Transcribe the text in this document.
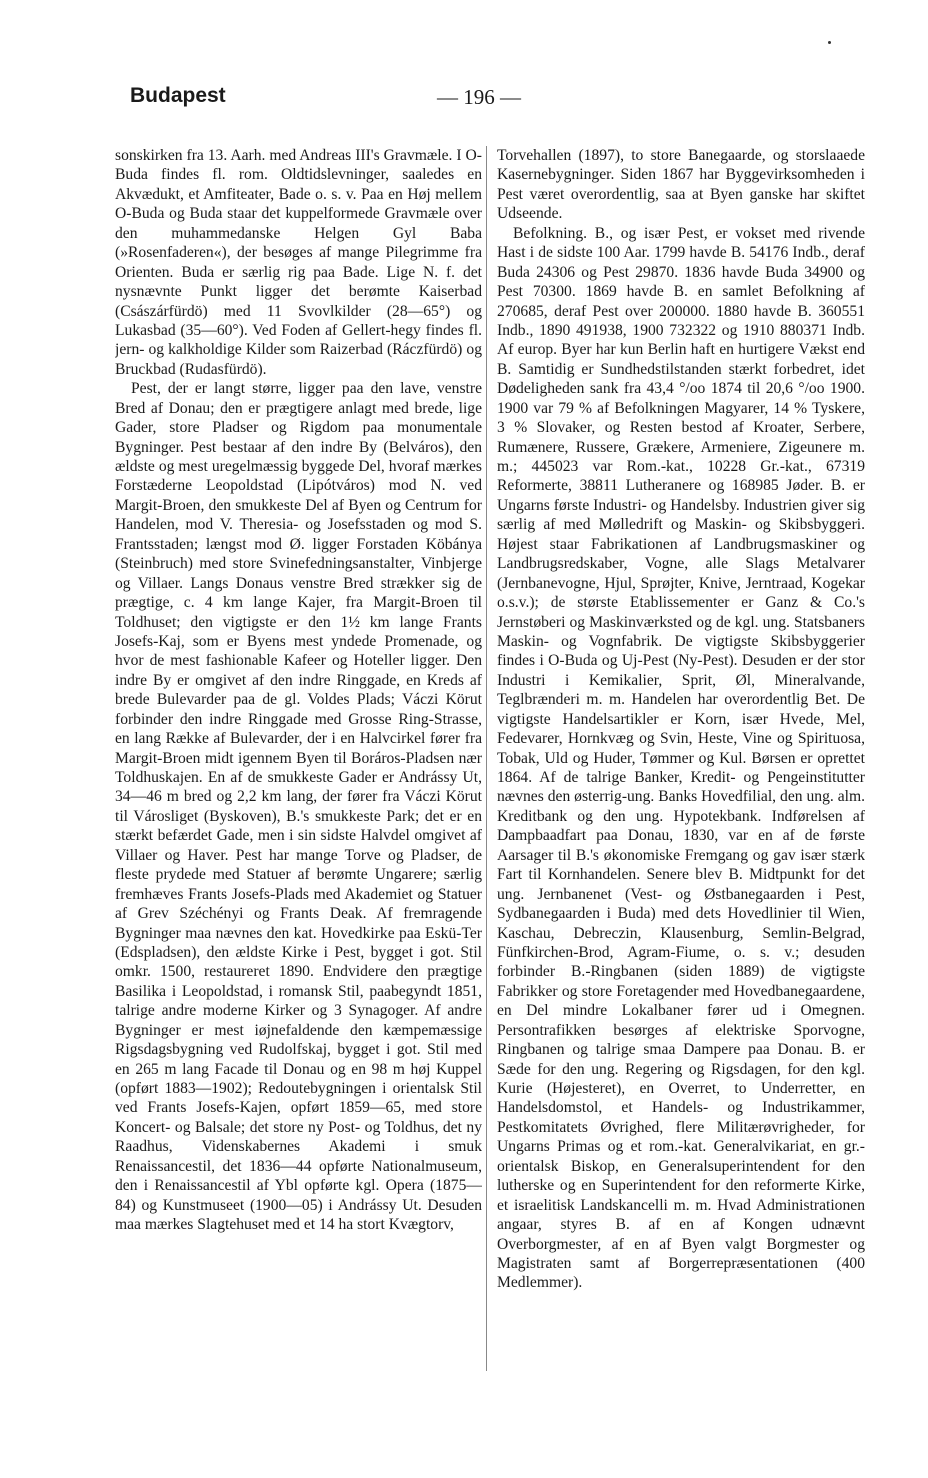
Budapest	— 196 —

sonskirken fra 13. Aarh. med Andreas III's Gravmæle. I O-Buda findes fl. rom. Oldtidslevninger, saaledes en Akvædukt, et Amfiteater, Bade o. s. v. Paa en Høj mellem O-Buda og Buda staar det kuppelformede Gravmæle over den muhammedanske Helgen Gyl Baba (»Rosenfaderen«), der besøges af mange Pilegrimme fra Orienten. Buda er særlig rig paa Bade. Lige N. f. det nysnævnte Punkt ligger det berømte Kaiserbad (Császárfürdö) med 11 Svovlkilder (28—65°) og Lukasbad (35—60°). Ved Foden af Gellert-hegy findes fl. jern- og kalkholdige Kilder som Raizerbad (Ráczfürdö) og Bruckbad (Rudasfürdö).

Pest, der er langt større, ligger paa den lave, venstre Bred af Donau; den er prægtigere anlagt med brede, lige Gader, store Pladser og Rigdom paa monumentale Bygninger. Pest bestaar af den indre By (Belváros), den ældste og mest uregelmæssig byggede Del, hvoraf mærkes Forstæderne Leopoldstad (Lipótváros) mod N. ved Margit-Broen, den smukkeste Del af Byen og Centrum for Handelen, mod V. Theresia- og Josefsstaden og mod S. Frantsstaden; længst mod Ø. ligger Forstaden Köbánya (Steinbruch) med store Svinefedningsanstalter, Vinbjerge og Villaer. Langs Donaus venstre Bred strækker sig de prægtige, c. 4 km lange Kajer, fra Margit-Broen til Toldhuset; den vigtigste er den 1½ km lange Frants Josefs-Kaj, som er Byens mest yndede Promenade, og hvor de mest fashionable Kafeer og Hoteller ligger. Den indre By er omgivet af den indre Ringgade, en Kreds af brede Bulevarder paa de gl. Voldes Plads; Váczi Körut forbinder den indre Ringgade med Grosse Ring-Strasse, en lang Række af Bulevarder, der i en Halvcirkel fører fra Margit-Broen midt igennem Byen til Boráros-Pladsen nær Toldhuskajen. En af de smukkeste Gader er Andrássy Ut, 34—46 m bred og 2,2 km lang, der fører fra Váczi Körut til Városliget (Byskoven), B.'s smukkeste Park; det er en stærkt befærdet Gade, men i sin sidste Halvdel omgivet af Villaer og Haver. Pest har mange Torve og Pladser, de fleste prydede med Statuer af berømte Ungarere; særlig fremhæves Frants Josefs-Plads med Akademiet og Statuer af Grev Széchényi og Frants Deak. Af fremragende Bygninger maa nævnes den kat. Hovedkirke paa Eskü-Ter (Edspladsen), den ældste Kirke i Pest, bygget i got. Stil omkr. 1500, restaureret 1890. Endvidere den prægtige Basilika i Leopoldstad, i romansk Stil, paabegyndt 1851, talrige andre moderne Kirker og 3 Synagoger. Af andre Bygninger er mest iøjnefaldende den kæmpemæssige Rigsdagsbygning ved Rudolfskaj, bygget i got. Stil med en 265 m lang Facade til Donau og en 98 m høj Kuppel (opført 1883—1902); Redoutebygningen i orientalsk Stil ved Frants Josefs-Kajen, opført 1859—65, med store Koncert- og Balsale; det store ny Post- og Toldhus, det ny Raadhus, Videnskabernes Akademi i smuk Renaissancestil, det 1836—44 opførte Nationalmuseum, den i Renaissancestil af Ybl opførte kgl. Opera (1875—84) og Kunstmuseet (1900—05) i Andrássy Ut. Desuden maa mærkes Slagtehuset med et 14 ha stort Kvægtorv,

Torvehallen (1897), to store Banegaarde, og storslaaede Kasernebygninger. Siden 1867 har Byggevirksomheden i Pest været overordentlig, saa at Byen ganske har skiftet Udseende.

Befolkning. B., og især Pest, er vokset med rivende Hast i de sidste 100 Aar. 1799 havde B. 54176 Indb., deraf Buda 24306 og Pest 29870. 1836 havde Buda 34900 og Pest 70300. 1869 havde B. en samlet Befolkning af 270685, deraf Pest over 200000. 1880 havde B. 360551 Indb., 1890 491938, 1900 732322 og 1910 880371 Indb. Af europ. Byer har kun Berlin haft en hurtigere Vækst end B. Samtidig er Sundhedstilstanden stærkt forbedret, idet Dødeligheden sank fra 43,4 °/oo 1874 til 20,6 °/oo 1900. 1900 var 79 % af Befolkningen Magyarer, 14 % Tyskere, 3 % Slovaker, og Resten bestod af Kroater, Serbere, Rumænere, Russere, Grækere, Armeniere, Zigeunere m. m.; 445023 var Rom.-kat., 10228 Gr.-kat., 67319 Reformerte, 38811 Lutheranere og 168985 Jøder. B. er Ungarns første Industri- og Handelsby. Industrien giver sig særlig af med Mølledrift og Maskin- og Skibsbyggeri. Højest staar Fabrikationen af Landbrugsmaskiner og Landbrugsredskaber, Vogne, alle Slags Metalvarer (Jernbanevogne, Hjul, Sprøjter, Knive, Jerntraad, Kogekar o.s.v.); de største Etablissementer er Ganz & Co.'s Jernstøberi og Maskinværksted og de kgl. ung. Statsbaners Maskin- og Vognfabrik. De vigtigste Skibsbyggerier findes i O-Buda og Uj-Pest (Ny-Pest). Desuden er der stor Industri i Kemikalier, Sprit, Øl, Mineralvande, Teglbrænderi m. m. Handelen har overordentlig Bet. De vigtigste Handelsartikler er Korn, især Hvede, Mel, Fedevarer, Hornkvæg og Svin, Heste, Vine og Spirituosa, Tobak, Uld og Huder, Tømmer og Kul. Børsen er oprettet 1864. Af de talrige Banker, Kredit- og Pengeinstitutter nævnes den østerrig-ung. Banks Hovedfilial, den ung. alm. Kreditbank og den ung. Hypotekbank. Indførelsen af Dampbaadfart paa Donau, 1830, var en af de første Aarsager til B.'s økonomiske Fremgang og gav især stærk Fart til Kornhandelen. Senere blev B. Midtpunkt for det ung. Jernbanenet (Vest- og Østbanegaarden i Pest, Sydbanegaarden i Buda) med dets Hovedlinier til Wien, Kaschau, Debreczin, Klausenburg, Semlin-Belgrad, Fünfkirchen-Brod, Agram-Fiume, o. s. v.; desuden forbinder B.-Ringbanen (siden 1889) de vigtigste Fabrikker og store Foretagender med Hovedbanegaardene, en Del mindre Lokalbaner fører ud i Omegnen. Persontrafikken besørges af elektriske Sporvogne, Ringbanen og talrige smaa Dampere paa Donau. B. er Sæde for den ung. Regering og Rigsdagen, for den kgl. Kurie (Højesteret), en Overret, to Underretter, en Handelsdomstol, et Handels- og Industrikammer, Pestkomitatets Øvrighed, flere Militærøvrigheder, for Ungarns Primas og et rom.-kat. Generalvikariat, en gr.-orientalsk Biskop, en Generalsuperintendent for den lutherske og en Superintendent for den reformerte Kirke, et israelitisk Landskancelli m. m. Hvad Administrationen angaar, styres B. af en af Kongen udnævnt Overborgmester, af en af Byen valgt Borgmester og Magistraten samt af Borgerrepræsentationen (400 Medlemmer).
